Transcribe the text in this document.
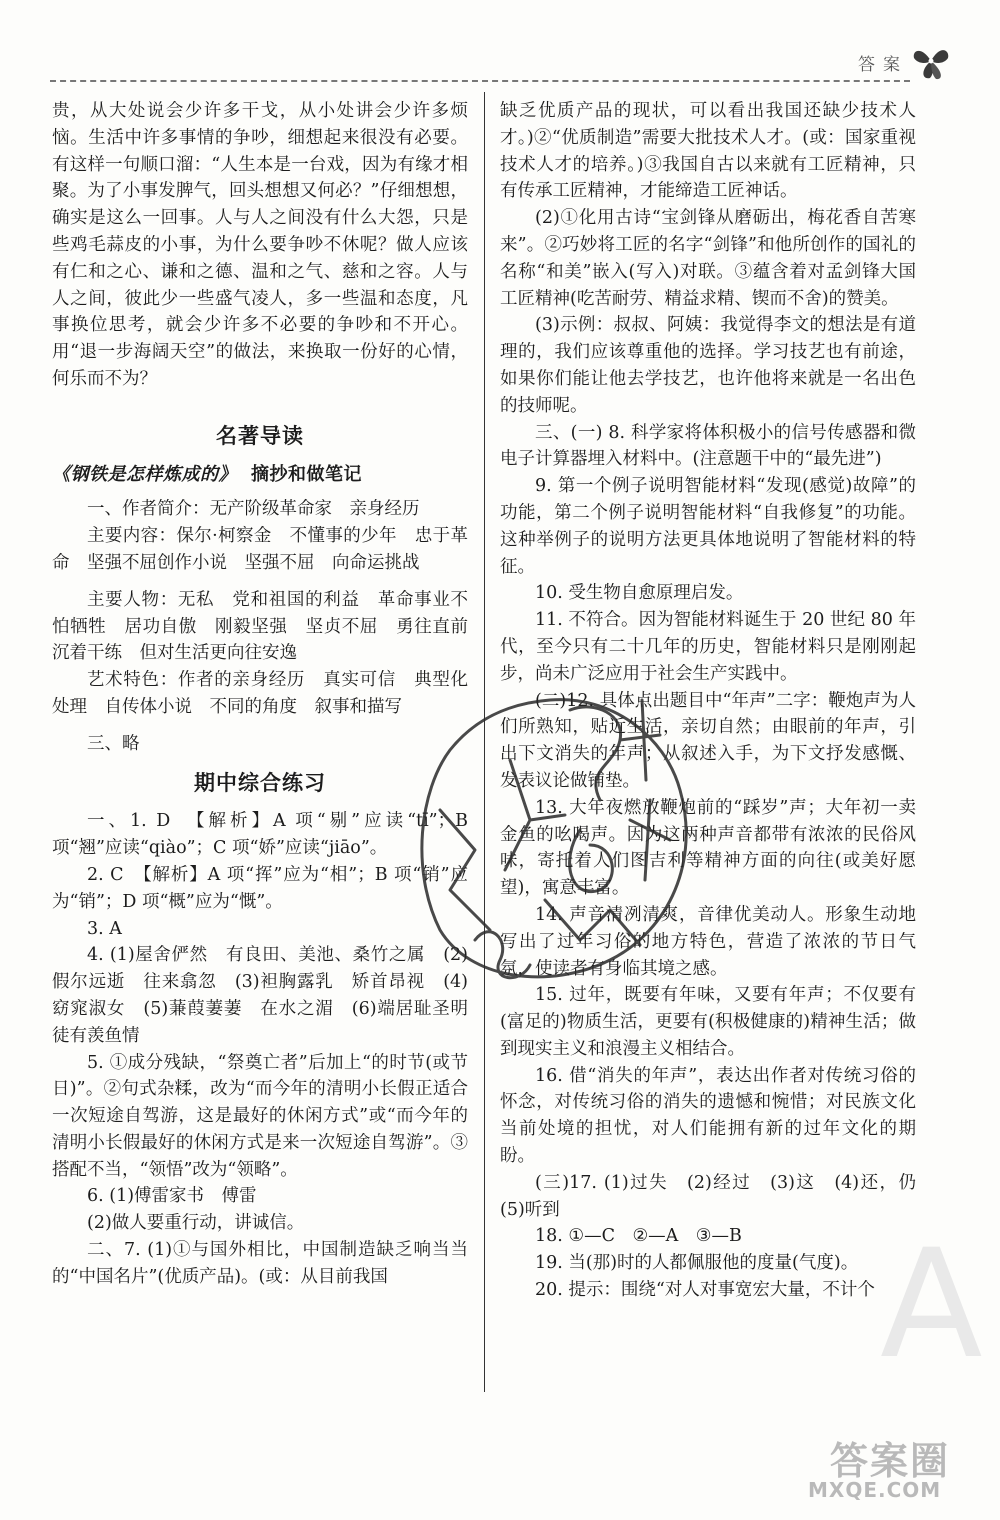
答案

贵，从大处说会少许多干戈，从小处讲会少许多烦恼。生活中许多事情的争吵，细想起来很没有必要。有这样一句顺口溜：“人生本是一台戏，因为有缘才相聚。为了小事发脾气，回头想想又何必？”仔细想想，确实是这么一回事。人与人之间没有什么大怨，只是些鸡毛蒜皮的小事，为什么要争吵不休呢？做人应该有仁和之心、谦和之德、温和之气、慈和之容。人与人之间，彼此少一些盛气凌人，多一些温和态度，凡事换位思考，就会少许多不必要的争吵和不开心。用“退一步海阔天空”的做法，来换取一份好的心情，何乐而不为？

名著导读
《钢铁是怎样炼成的》 摘抄和做笔记

一、作者简介：无产阶级革命家　亲身经历

主要内容：保尔·柯察金　不懂事的少年　忠于革命　坚强不屈创作小说　坚强不屈　向命运挑战

主要人物：无私　党和祖国的利益　革命事业不怕牺牲　居功自傲　刚毅坚强　坚贞不屈　勇往直前　沉着干练　但对生活更向往安逸

艺术特色：作者的亲身经历　真实可信　典型化处理　自传体小说　不同的角度　叙事和描写

三、略

期中综合练习

一、1. D　【解析】A 项“剔”应读“tī”；B 项“翘”应读“qiào”；C 项“娇”应读“jiāo”。

2. C　【解析】A 项“挥”应为“相”；B 项“销”应为“销”；D 项“概”应为“慨”。

3. A

4. (1)屋舍俨然　有良田、美池、桑竹之属　(2)假尔远逝　往来翕忽　(3)袒胸露乳　矫首昂视　(4)窈窕淑女　(5)蒹葭萋萋　在水之湄　(6)端居耻圣明　徒有羡鱼情

5. ①成分残缺，“祭奠亡者”后加上“的时节(或节日)”。②句式杂糅，改为“而今年的清明小长假正适合一次短途自驾游，这是最好的休闲方式”或“而今年的清明小长假最好的休闲方式是来一次短途自驾游”。③搭配不当，“领悟”改为“领略”。

6. (1)傅雷家书　傅雷

(2)做人要重行动，讲诚信。

二、7. (1)①与国外相比，中国制造缺乏响当当的“中国名片”(优质产品)。(或：从目前我国

缺乏优质产品的现状，可以看出我国还缺少技术人才。)②“优质制造”需要大批技术人才。(或：国家重视技术人才的培养。)③我国自古以来就有工匠精神，只有传承工匠精神，才能缔造工匠神话。

(2)①化用古诗“宝剑锋从磨砺出，梅花香自苦寒来”。②巧妙将工匠的名字“剑锋”和他所创作的国礼的名称“和美”嵌入(写入)对联。③蕴含着对孟剑锋大国工匠精神(吃苦耐劳、精益求精、锲而不舍)的赞美。

(3)示例：叔叔、阿姨：我觉得李文的想法是有道理的，我们应该尊重他的选择。学习技艺也有前途，如果你们能让他去学技艺，也许他将来就是一名出色的技师呢。

三、(一) 8. 科学家将体积极小的信号传感器和微电子计算器埋入材料中。(注意题干中的“最先进”)

9. 第一个例子说明智能材料“发现(感觉)故障”的功能，第二个例子说明智能材料“自我修复”的功能。这种举例子的说明方法更具体地说明了智能材料的特征。

10. 受生物自愈原理启发。

11. 不符合。因为智能材料诞生于 20 世纪 80 年代，至今只有二十几年的历史，智能材料只是刚刚起步，尚未广泛应用于社会生产实践中。

(二)12. 具体点出题目中“年声”二字：鞭炮声为人们所熟知，贴近生活，亲切自然；由眼前的年声，引出下文消失的年声；从叙述入手，为下文抒发感慨、发表议论做铺垫。

13. 大年夜燃放鞭炮前的“踩岁”声；大年初一卖金鱼的吆喝声。因为这两种声音都带有浓浓的民俗风味，寄托着人们图吉利等精神方面的向往(或美好愿望)，寓意丰富。

14. 声音清冽清爽，音律优美动人。形象生动地写出了过年习俗的地方特色，营造了浓浓的节日气氛，使读者有身临其境之感。

15. 过年，既要有年味，又要有年声；不仅要有(富足的)物质生活，更要有(积极健康的)精神生活；做到现实主义和浪漫主义相结合。

16. 借“消失的年声”，表达出作者对传统习俗的怀念，对传统习俗的消失的遗憾和惋惜；对民族文化当前处境的担忧，对人们能拥有新的过年文化的期盼。

(三)17. (1)过失　(2)经过　(3)这　(4)还，仍　(5)听到

18. ①—C　②—A　③—B

19. 当(那)时的人都佩服他的度量(气度)。

20. 提示：围绕“对人对事宽宏大量，不计个 A
答案圈
MXQE.COM
